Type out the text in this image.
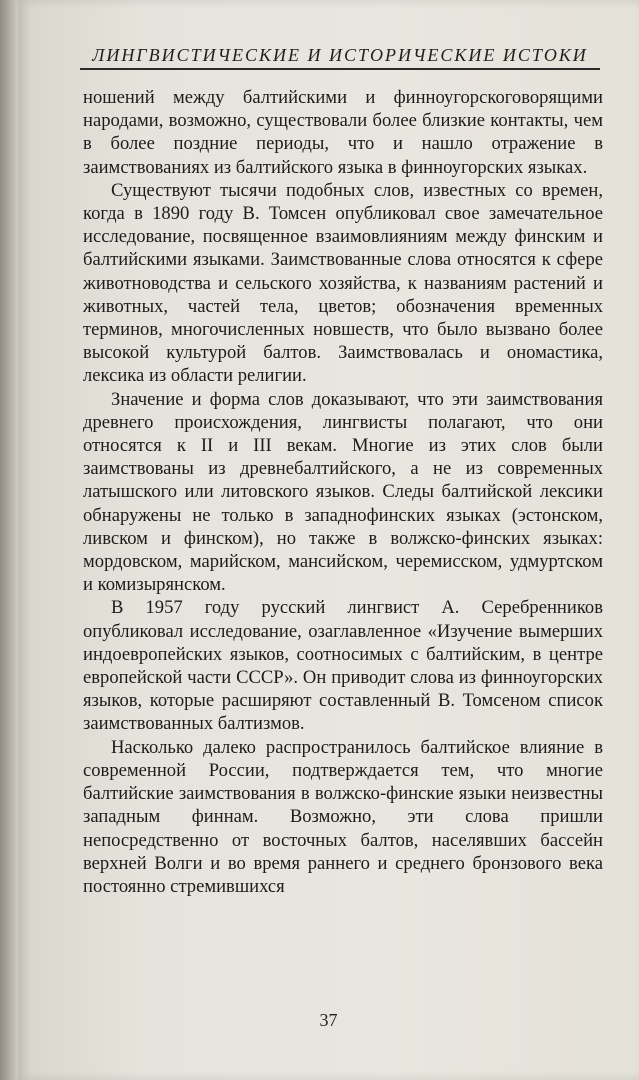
ЛИНГВИСТИЧЕСКИЕ И ИСТОРИЧЕСКИЕ ИСТОКИ

ношений между балтийскими и финноугорскоговорящими народами, возможно, существовали более близкие контакты, чем в более поздние периоды, что и нашло отражение в заимствованиях из балтийского языка в финноугорских языках.

Существуют тысячи подобных слов, известных со времен, когда в 1890 году В. Томсен опубликовал свое замечательное исследование, посвященное взаимовлияниям между финским и балтийскими языками. Заимствованные слова относятся к сфере животноводства и сельского хозяйства, к названиям растений и животных, частей тела, цветов; обозначения временных терминов, многочисленных новшеств, что было вызвано более высокой культурой балтов. Заимствовалась и ономастика, лексика из области религии.

Значение и форма слов доказывают, что эти заимствования древнего происхождения, лингвисты полагают, что они относятся к II и III векам. Многие из этих слов были заимствованы из древнебалтийского, а не из современных латышского или литовского языков. Следы балтийской лексики обнаружены не только в западнофинских языках (эстонском, ливском и финском), но также в волжско-финских языках: мордовском, марийском, мансийском, черемисском, удмуртском и комизырянском.

В 1957 году русский лингвист А. Серебренников опубликовал исследование, озаглавленное «Изучение вымерших индоевропейских языков, соотносимых с балтийским, в центре европейской части СССР». Он приводит слова из финноугорских языков, которые расширяют составленный В. Томсеном список заимствованных балтизмов.

Насколько далеко распространилось балтийское влияние в современной России, подтверждается тем, что многие балтийские заимствования в волжско-финские языки неизвестны западным финнам. Возможно, эти слова пришли непосредственно от восточных балтов, населявших бассейн верхней Волги и во время раннего и среднего бронзового века постоянно стремившихся

37
